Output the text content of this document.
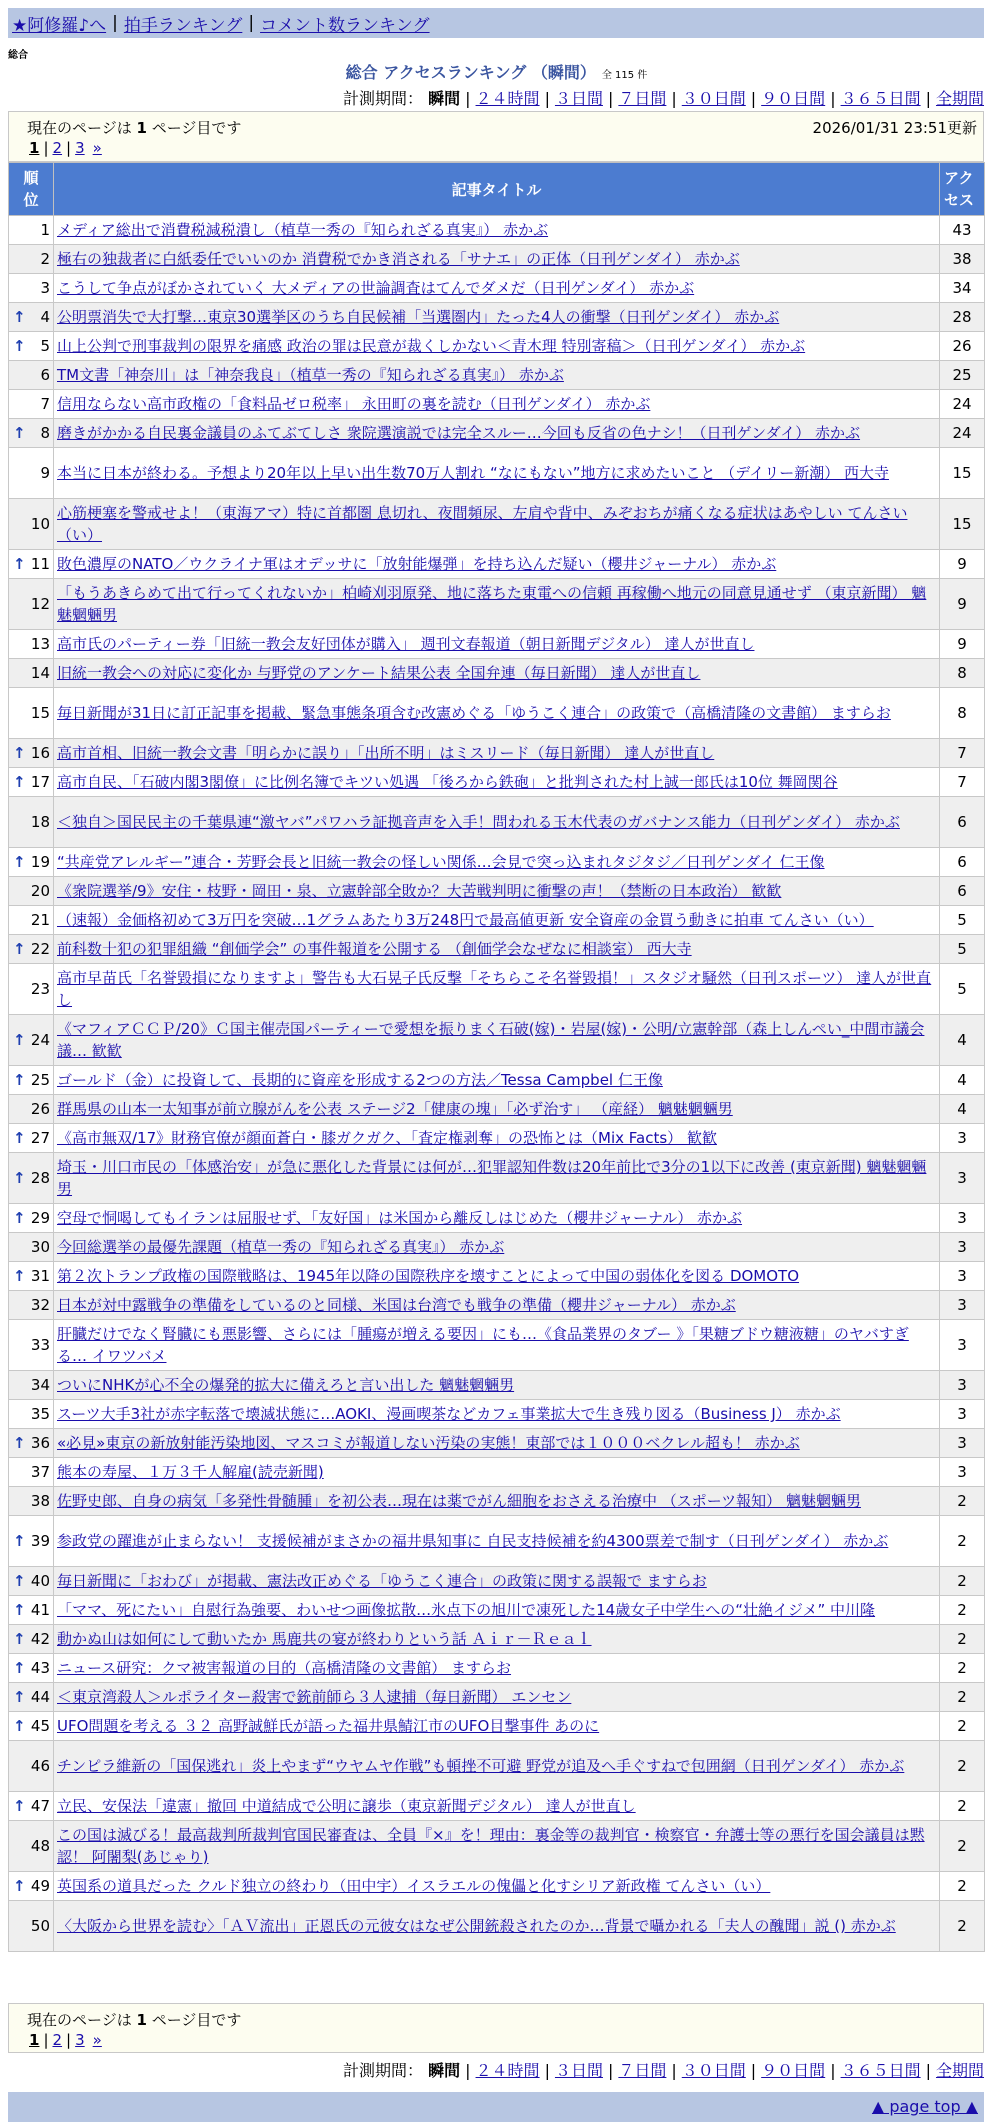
★阿修羅♪へ | 拍手ランキング | コメント数ランキング
総合
総合 アクセスランキング （瞬間） 全 115 件
計測期間： 瞬間 | ２４時間 | ３日間 | ７日間 | ３０日間 | ９０日間 | ３６５日間 | 全期間
現在のページは 1 ページ目です	2026/01/31 23:51更新
1 | 2 | 3 »
順位	記事タイトル	アクセス

1	メディア総出で消費税減税潰し（植草一秀の『知られざる真実』） 赤かぶ	43
2	極右の独裁者に白紙委任でいいのか 消費税でかき消される「サナエ」の正体（日刊ゲンダイ） 赤かぶ	38
3	こうして争点がぼかされていく 大メディアの世論調査はてんでダメだ（日刊ゲンダイ） 赤かぶ	34

↑ 4	公明票消失で大打撃…東京30選挙区のうち自民候補「当選圏内」たった4人の衝撃（日刊ゲンダイ） 赤かぶ	28

↑ 5	山上公判で刑事裁判の限界を痛感 政治の罪は民意が裁くしかない＜青木理 特別寄稿＞（日刊ゲンダイ） 赤かぶ	26
6	TM文書「神奈川」は「神奈我良」（植草一秀の『知られざる真実』） 赤かぶ	25
7	信用ならない高市政権の「食料品ゼロ税率」 永田町の裏を読む（日刊ゲンダイ） 赤かぶ	24

↑ 8	磨きがかかる自民裏金議員のふてぶてしさ 衆院選演説では完全スルー…今回も反省の色ナシ！（日刊ゲンダイ） 赤かぶ	24
9	本当に日本が終わる。予想より20年以上早い出生数70万人割れ “なにもない”地方に求めたいこと （デイリー新潮） 西大寺	15
10	心筋梗塞を警戒せよ！（東海アマ）特に首都圏 息切れ、夜間頻尿、左肩や背中、みぞおちが痛くなる症状はあやしい てんさい（い）	15

↑ 11	敗色濃厚のNATO／ウクライナ軍はオデッサに「放射能爆弾」を持ち込んだ疑い（櫻井ジャーナル） 赤かぶ	9
12	「もうあきらめて出て行ってくれないか」柏崎刈羽原発、地に落ちた東電への信頼 再稼働へ地元の同意見通せず （東京新聞） 魑魅魍魎男	9
13	高市氏のパーティー券「旧統一教会友好団体が購入」 週刊文春報道（朝日新聞デジタル） 達人が世直し	9
14	旧統一教会への対応に変化か 与野党のアンケート結果公表 全国弁連（毎日新聞） 達人が世直し	8
15	毎日新聞が31日に訂正記事を掲載、緊急事態条項含む改憲めぐる「ゆうこく連合」の政策で（高橋清隆の文書館） ますらお	8

↑ 16	高市首相、旧統一教会文書「明らかに誤り」「出所不明」はミスリード（毎日新聞） 達人が世直し	7

↑ 17	高市自民、「石破内閣3閣僚」に比例名簿でキツい処遇 「後ろから鉄砲」と批判された村上誠一郎氏は10位 舞岡関谷	7
18	＜独自＞国民民主の千葉県連“激ヤバ”パワハラ証拠音声を入手！問われる玉木代表のガバナンス能力（日刊ゲンダイ） 赤かぶ	6

↑ 19	“共産党アレルギー”連合・芳野会長と旧統一教会の怪しい関係…会見で突っ込まれタジタジ／日刊ゲンダイ 仁王像	6
20	《衆院選挙/9》安住・枝野・岡田・泉、立憲幹部全敗か？大苦戦判明に衝撃の声！（禁断の日本政治） 歓歓	6
21	（速報）金価格初めて3万円を突破…1グラムあたり3万248円で最高値更新 安全資産の金買う動きに拍車 てんさい（い）	5

↑ 22	前科数十犯の犯罪組織 “創価学会” の事件報道を公開する （創価学会なぜなに相談室） 西大寺	5
23	高市早苗氏「名誉毀損になりますよ」警告も大石晃子氏反撃「そちらこそ名誉毀損！」スタジオ騒然（日刊スポーツ） 達人が世直し	5

↑ 24	《マフィアＣＣＰ/20》Ｃ国主催売国パーティーで愛想を振りまく石破(嫁)・岩屋(嫁)・公明/立憲幹部（森上しんぺい_中間市議会議… 歓歓	4

↑ 25	ゴールド（金）に投資して、長期的に資産を形成する2つの方法／Tessa Campbel 仁王像	4
26	群馬県の山本一太知事が前立腺がんを公表 ステージ2「健康の塊」「必ず治す」 （産経） 魑魅魍魎男	4

↑ 27	《高市無双/17》財務官僚が顔面蒼白・膝ガクガク、「査定権剥奪」の恐怖とは（Mix Facts） 歓歓	3

↑ 28	埼玉・川口市民の「体感治安」が急に悪化した背景には何が…犯罪認知件数は20年前比で3分の1以下に改善 (東京新聞) 魑魅魍魎男	3

↑ 29	空母で恫喝してもイランは屈服せず、「友好国」は米国から離反しはじめた（櫻井ジャーナル） 赤かぶ	3
30	今回総選挙の最優先課題（植草一秀の『知られざる真実』） 赤かぶ	3

↑ 31	第２次トランプ政権の国際戦略は、1945年以降の国際秩序を壊すことによって中国の弱体化を図る DOMOTO	3
32	日本が対中露戦争の準備をしているのと同様、米国は台湾でも戦争の準備（櫻井ジャーナル） 赤かぶ	3
33	肝臓だけでなく腎臓にも悪影響、さらには「腫瘍が増える要因」にも…《食品業界のタブー 》「果糖ブドウ糖液糖」のヤバすぎる… イワツバメ	3
34	ついにNHKが心不全の爆発的拡大に備えろと言い出した 魑魅魍魎男	3
35	スーツ大手3社が赤字転落で壊滅状態に…AOKI、漫画喫茶などカフェ事業拡大で生き残り図る（Business J） 赤かぶ	3

↑ 36	«必見»東京の新放射能汚染地図、マスコミが報道しない汚染の実態！東部では１０００ベクレル超も！ 赤かぶ	3
37	熊本の寿屋、１万３千人解雇(読売新聞)	3
38	佐野史郎、自身の病気「多発性骨髄腫」を初公表…現在は薬でがん細胞をおさえる治療中 （スポーツ報知） 魑魅魍魎男	2

↑ 39	参政党の躍進が止まらない！ 支援候補がまさかの福井県知事に 自民支持候補を約4300票差で制す（日刊ゲンダイ） 赤かぶ	2

↑ 40	毎日新聞に「おわび」が掲載、憲法改正めぐる「ゆうこく連合」の政策に関する誤報で ますらお	2

↑ 41	「ママ、死にたい」自慰行為強要、わいせつ画像拡散…氷点下の旭川で凍死した14歳女子中学生への“壮絶イジメ” 中川隆	2

↑ 42	動かぬ山は如何にして動いたか 馬鹿共の宴が終わりという話 Ａｉｒ－Ｒｅａｌ	2

↑ 43	ニュース研究：クマ被害報道の目的（高橋清隆の文書館） ますらお	2

↑ 44	＜東京湾殺人＞ルポライター殺害で銃前師ら３人逮捕（毎日新聞） エンセン	2

↑ 45	UFO問題を考える ３２ 高野誠鮮氏が語った福井県鯖江市のUFO目撃事件 あのに	2
46	チンピラ維新の「国保逃れ」炎上やまず“ウヤムヤ作戦”も頓挫不可避 野党が追及へ手ぐすねで包囲網（日刊ゲンダイ） 赤かぶ	2

↑ 47	立民、安保法「違憲」撤回 中道結成で公明に譲歩（東京新聞デジタル） 達人が世直し	2
48	この国は滅びる！最高裁判所裁判官国民審査は、全員『×』を！理由：裏金等の裁判官・検察官・弁護士等の悪行を国会議員は黙認！ 阿闍梨(あじゃり)	2

↑ 49	英国系の道具だった クルド独立の終わり（田中宇）イスラエルの傀儡と化すシリア新政権 てんさい（い）	2
50	〈大阪から世界を読む〉「ＡＶ流出」正恩氏の元彼女はなぜ公開銃殺されたのか…背景で囁かれる「夫人の醜聞」説 () 赤かぶ	2
現在のページは 1 ページ目です
1 | 2 | 3 »
計測期間： 瞬間 | ２４時間 | ３日間 | ７日間 | ３０日間 | ９０日間 | ３６５日間 | 全期間
▲ page top ▲
